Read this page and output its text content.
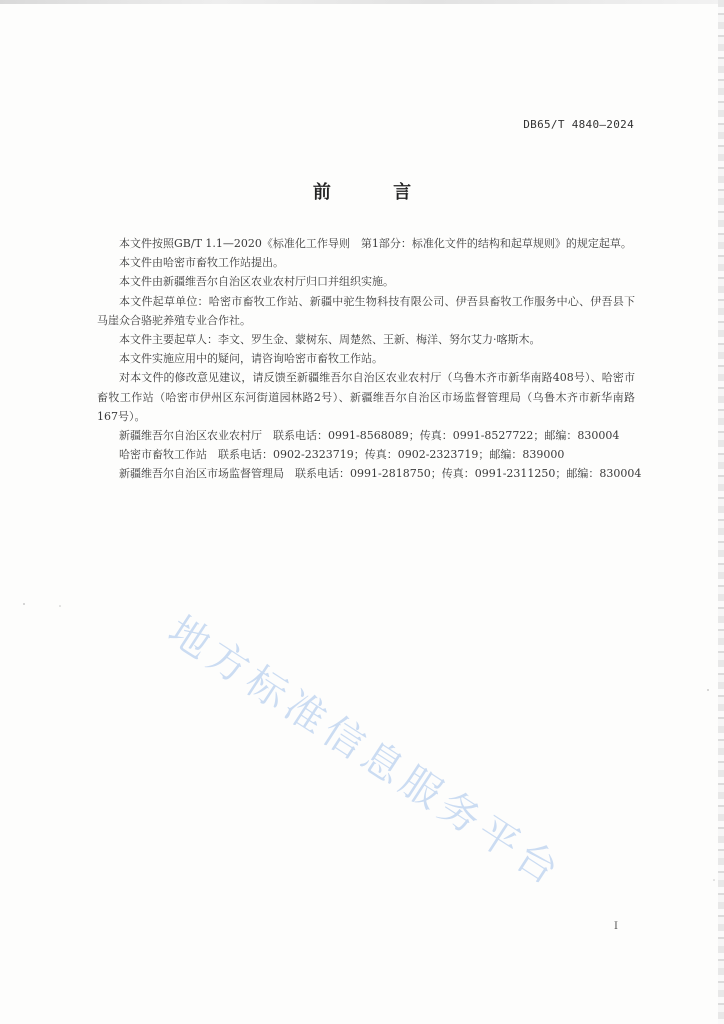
DB65/T 4840—2024
前 言

本文件按照GB/T 1.1—2020《标准化工作导则　第1部分：标准化文件的结构和起草规则》的规定起草。

本文件由哈密市畜牧工作站提出。

本文件由新疆维吾尔自治区农业农村厅归口并组织实施。

本文件起草单位：哈密市畜牧工作站、新疆中驼生物科技有限公司、伊吾县畜牧工作服务中心、伊吾县下马崖众合骆驼养殖专业合作社。

本文件主要起草人：李文、罗生金、蒙树东、周楚然、王新、梅洋、努尔艾力·喀斯木。

本文件实施应用中的疑问，请咨询哈密市畜牧工作站。

对本文件的修改意见建议，请反馈至新疆维吾尔自治区农业农村厅（乌鲁木齐市新华南路408号）、哈密市畜牧工作站（哈密市伊州区东河街道园林路2号）、新疆维吾尔自治区市场监督管理局（乌鲁木齐市新华南路167号）。

新疆维吾尔自治区农业农村厅　联系电话：0991-8568089；传真：0991-8527722；邮编：830004

哈密市畜牧工作站　联系电话：0902-2323719；传真：0902-2323719；邮编：839000

新疆维吾尔自治区市场监督管理局　联系电话：0991-2818750；传真：0991-2311250；邮编：830004

地方标准信息服务平台
I
